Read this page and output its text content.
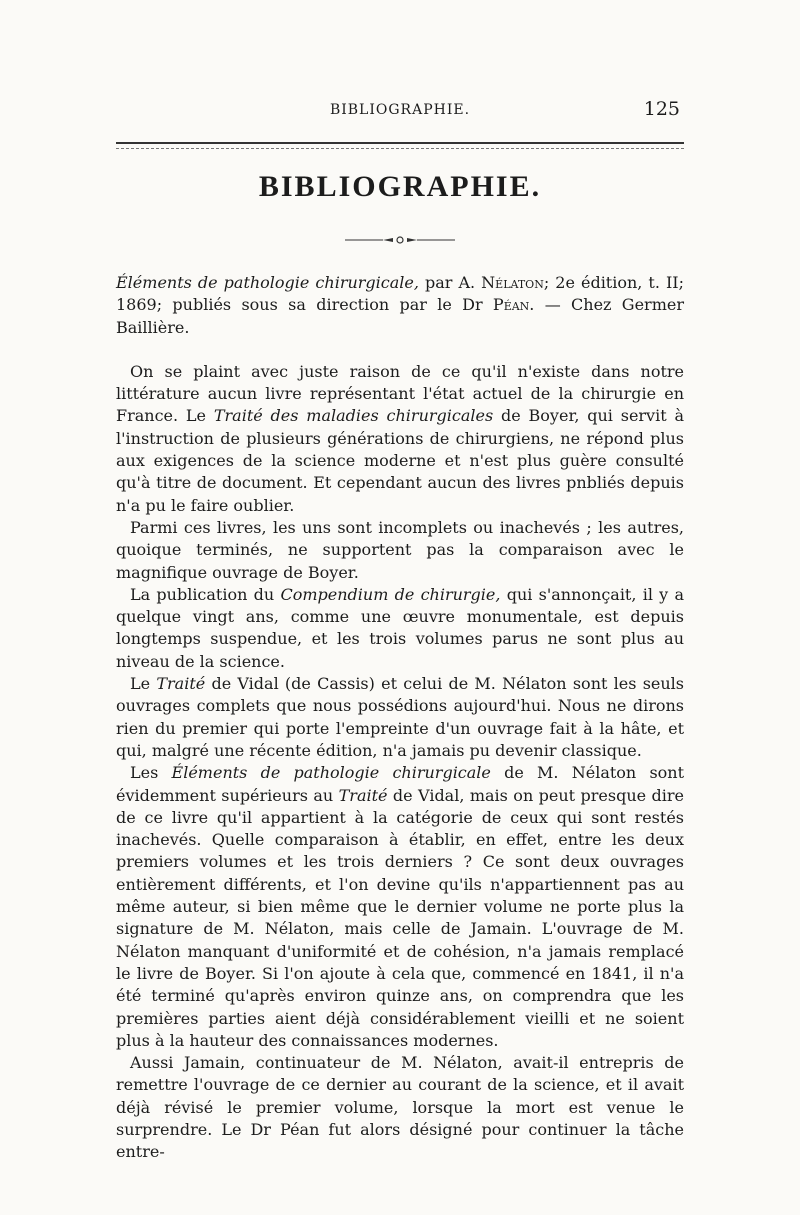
BIBLIOGRAPHIE.	125
BIBLIOGRAPHIE.

Éléments de pathologie chirurgicale, par A. Nélaton; 2e édition, t. II; 1869; publiés sous sa direction par le Dr Péan. — Chez Germer Baillière.

On se plaint avec juste raison de ce qu'il n'existe dans notre littérature aucun livre représentant l'état actuel de la chirurgie en France. Le Traité des maladies chirurgicales de Boyer, qui servit à l'instruction de plusieurs générations de chirurgiens, ne répond plus aux exigences de la science moderne et n'est plus guère consulté qu'à titre de document. Et cependant aucun des livres pnbliés depuis n'a pu le faire oublier.

Parmi ces livres, les uns sont incomplets ou inachevés ; les autres, quoique terminés, ne supportent pas la comparaison avec le magnifique ouvrage de Boyer.

La publication du Compendium de chirurgie, qui s'annonçait, il y a quelque vingt ans, comme une œuvre monumentale, est depuis longtemps suspendue, et les trois volumes parus ne sont plus au niveau de la science.

Le Traité de Vidal (de Cassis) et celui de M. Nélaton sont les seuls ouvrages complets que nous possédions aujourd'hui. Nous ne dirons rien du premier qui porte l'empreinte d'un ouvrage fait à la hâte, et qui, malgré une récente édition, n'a jamais pu devenir classique.

Les Éléments de pathologie chirurgicale de M. Nélaton sont évidemment supérieurs au Traité de Vidal, mais on peut presque dire de ce livre qu'il appartient à la catégorie de ceux qui sont restés inachevés. Quelle comparaison à établir, en effet, entre les deux premiers volumes et les trois derniers ? Ce sont deux ouvrages entièrement différents, et l'on devine qu'ils n'appartiennent pas au même auteur, si bien même que le dernier volume ne porte plus la signature de M. Nélaton, mais celle de Jamain. L'ouvrage de M. Nélaton manquant d'uniformité et de cohésion, n'a jamais remplacé le livre de Boyer. Si l'on ajoute à cela que, commencé en 1841, il n'a été terminé qu'après environ quinze ans, on comprendra que les premières parties aient déjà considérablement vieilli et ne soient plus à la hauteur des connaissances modernes.

Aussi Jamain, continuateur de M. Nélaton, avait-il entrepris de remettre l'ouvrage de ce dernier au courant de la science, et il avait déjà révisé le premier volume, lorsque la mort est venue le surprendre. Le Dr Péan fut alors désigné pour continuer la tâche entre-
